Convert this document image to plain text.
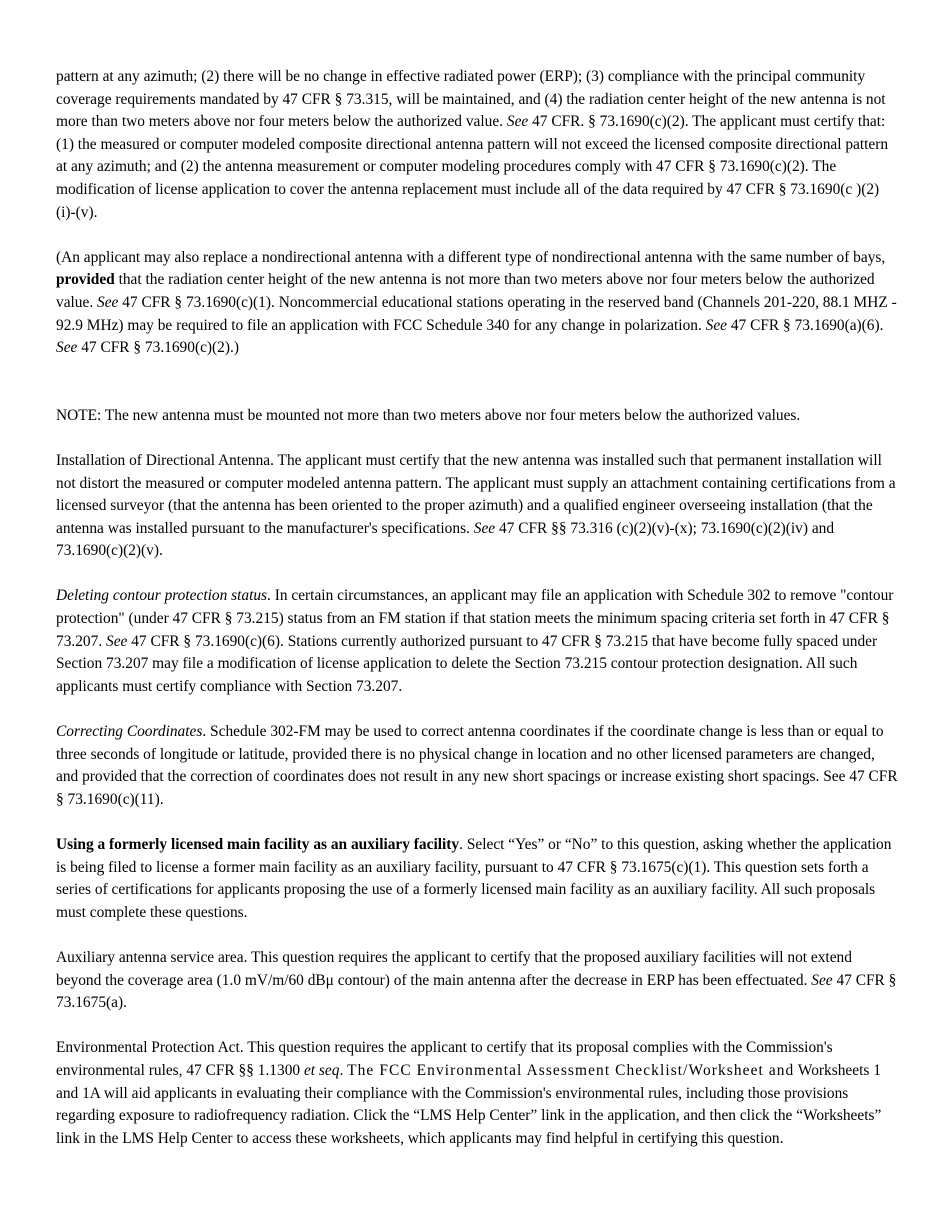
pattern at any azimuth; (2) there will be no change in effective radiated power (ERP); (3) compliance with the principal community coverage requirements mandated by 47 CFR § 73.315, will be maintained, and (4) the radiation center height of the new antenna is not more than two meters above nor four meters below the authorized value. See 47 CFR. § 73.1690(c)(2). The applicant must certify that: (1) the measured or computer modeled composite directional antenna pattern will not exceed the licensed composite directional pattern at any azimuth; and (2) the antenna measurement or computer modeling procedures comply with 47 CFR § 73.1690(c)(2). The modification of license application to cover the antenna replacement must include all of the data required by 47 CFR § 73.1690(c )(2)(i)-(v).

(An applicant may also replace a nondirectional antenna with a different type of nondirectional antenna with the same number of bays, provided that the radiation center height of the new antenna is not more than two meters above nor four meters below the authorized value. See 47 CFR § 73.1690(c)(1). Noncommercial educational stations operating in the reserved band (Channels 201-220, 88.1 MHZ - 92.9 MHz) may be required to file an application with FCC Schedule 340 for any change in polarization. See 47 CFR § 73.1690(a)(6). See 47 CFR § 73.1690(c)(2).)

NOTE: The new antenna must be mounted not more than two meters above nor four meters below the authorized values.

Installation of Directional Antenna. The applicant must certify that the new antenna was installed such that permanent installation will not distort the measured or computer modeled antenna pattern. The applicant must supply an attachment containing certifications from a licensed surveyor (that the antenna has been oriented to the proper azimuth) and a qualified engineer overseeing installation (that the antenna was installed pursuant to the manufacturer's specifications. See 47 CFR §§ 73.316 (c)(2)(v)-(x); 73.1690(c)(2)(iv) and 73.1690(c)(2)(v).

Deleting contour protection status. In certain circumstances, an applicant may file an application with Schedule 302 to remove "contour protection" (under 47 CFR § 73.215) status from an FM station if that station meets the minimum spacing criteria set forth in 47 CFR § 73.207. See 47 CFR § 73.1690(c)(6). Stations currently authorized pursuant to 47 CFR § 73.215 that have become fully spaced under Section 73.207 may file a modification of license application to delete the Section 73.215 contour protection designation. All such applicants must certify compliance with Section 73.207.

Correcting Coordinates. Schedule 302-FM may be used to correct antenna coordinates if the coordinate change is less than or equal to three seconds of longitude or latitude, provided there is no physical change in location and no other licensed parameters are changed, and provided that the correction of coordinates does not result in any new short spacings or increase existing short spacings. See 47 CFR § 73.1690(c)(11).

Using a formerly licensed main facility as an auxiliary facility. Select “Yes” or “No” to this question, asking whether the application is being filed to license a former main facility as an auxiliary facility, pursuant to 47 CFR § 73.1675(c)(1). This question sets forth a series of certifications for applicants proposing the use of a formerly licensed main facility as an auxiliary facility. All such proposals must complete these questions.

Auxiliary antenna service area. This question requires the applicant to certify that the proposed auxiliary facilities will not extend beyond the coverage area (1.0 mV/m/60 dBμ contour) of the main antenna after the decrease in ERP has been effectuated. See 47 CFR § 73.1675(a).

Environmental Protection Act. This question requires the applicant to certify that its proposal complies with the Commission's environmental rules, 47 CFR §§ 1.1300 et seq. The FCC Environmental Assessment Checklist/Worksheet and Worksheets 1 and 1A will aid applicants in evaluating their compliance with the Commission's environmental rules, including those provisions regarding exposure to radiofrequency radiation. Click the “LMS Help Center” link in the application, and then click the “Worksheets” link in the LMS Help Center to access these worksheets, which applicants may find helpful in certifying this question.
